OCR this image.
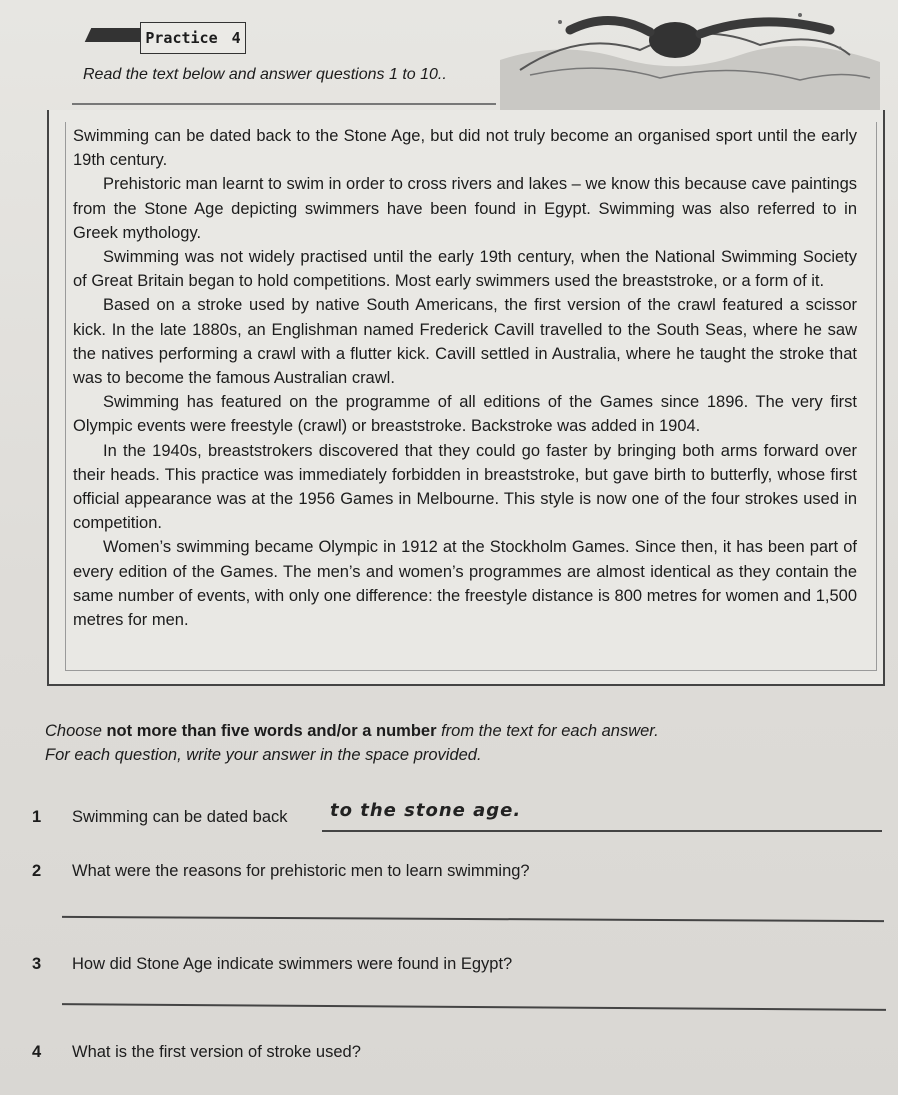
Practice 4
Read the text below and answer questions 1 to 10..

Swimming can be dated back to the Stone Age, but did not truly become an organised sport until the early 19th century.

Prehistoric man learnt to swim in order to cross rivers and lakes – we know this because cave paintings from the Stone Age depicting swimmers have been found in Egypt. Swimming was also referred to in Greek mythology.

Swimming was not widely practised until the early 19th century, when the National Swimming Society of Great Britain began to hold competitions. Most early swimmers used the breaststroke, or a form of it.

Based on a stroke used by native South Americans, the first version of the crawl featured a scissor kick. In the late 1880s, an Englishman named Frederick Cavill travelled to the South Seas, where he saw the natives performing a crawl with a flutter kick. Cavill settled in Australia, where he taught the stroke that was to become the famous Australian crawl.

Swimming has featured on the programme of all editions of the Games since 1896. The very first Olympic events were freestyle (crawl) or breaststroke. Backstroke was added in 1904.

In the 1940s, breaststrokers discovered that they could go faster by bringing both arms forward over their heads. This practice was immediately forbidden in breaststroke, but gave birth to butterfly, whose first official appearance was at the 1956 Games in Melbourne. This style is now one of the four strokes used in competition.

Women’s swimming became Olympic in 1912 at the Stockholm Games. Since then, it has been part of every edition of the Games. The men’s and women’s programmes are almost identical as they contain the same number of events, with only one difference: the freestyle distance is 800 metres for women and 1,500 metres for men.

Choose not more than five words and/or a number from the text for each answer.
For each question, write your answer in the space provided.
1 Swimming can be dated back to the stone age.
2 What were the reasons for prehistoric men to learn swimming?
3 How did Stone Age indicate swimmers were found in Egypt?
4 What is the first version of stroke used?
